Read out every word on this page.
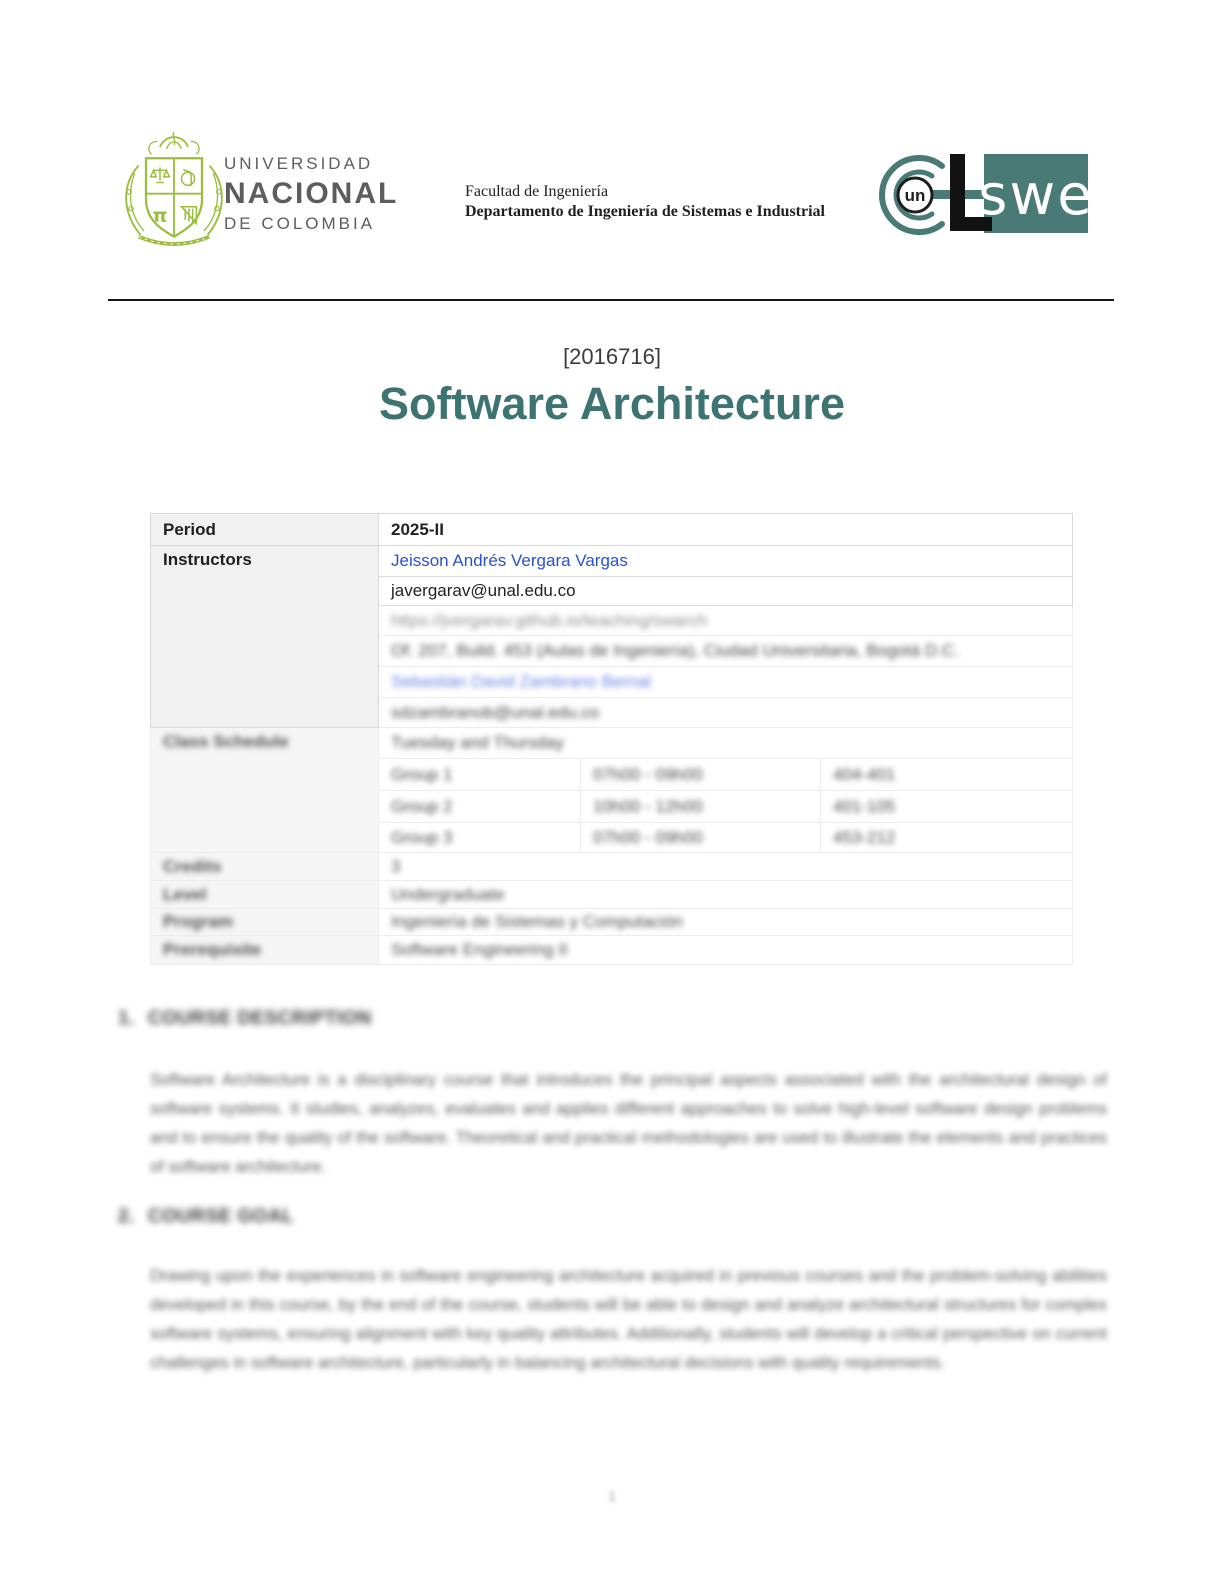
π
UNIVERSIDAD
NACIONAL
DE COLOMBIA
Facultad de Ingeniería
Departamento de Ingeniería de Sistemas e Industrial
un swe
[2016716]
Software Architecture
Period	2025-II		
Instructors	Jeisson Andrés Vergara Vargas		
	javergarav@unal.edu.co		
	https://jvergarav.github.io/teaching/swarch		
	Of. 207, Build. 453 (Aulas de Ingeniería), Ciudad Universitaria, Bogotá D.C.		
	Sebastián David Zambrano Bernal		
	sdzambranob@unal.edu.co		
Class Schedule	Tuesday and Thursday		
	Group 1	07h00 - 09h00	404-401
	Group 2	10h00 - 12h00	401-105
	Group 3	07h00 - 09h00	453-212
Credits	3		
Level	Undergraduate		
Program	Ingeniería de Sistemas y Computación		
Prerequisite	Software Engineering II		
1. COURSE DESCRIPTION
Software Architecture is a disciplinary course that introduces the principal aspects associated with the architectural design of software systems. It studies, analyzes, evaluates and applies different approaches to solve high-level software design problems and to ensure the quality of the software. Theoretical and practical methodologies are used to illustrate the elements and practices of software architecture.
2. COURSE GOAL
Drawing upon the experiences in software engineering architecture acquired in previous courses and the problem-solving abilities developed in this course, by the end of the course, students will be able to design and analyze architectural structures for complex software systems, ensuring alignment with key quality attributes. Additionally, students will develop a critical perspective on current challenges in software architecture, particularly in balancing architectural decisions with quality requirements.
1
